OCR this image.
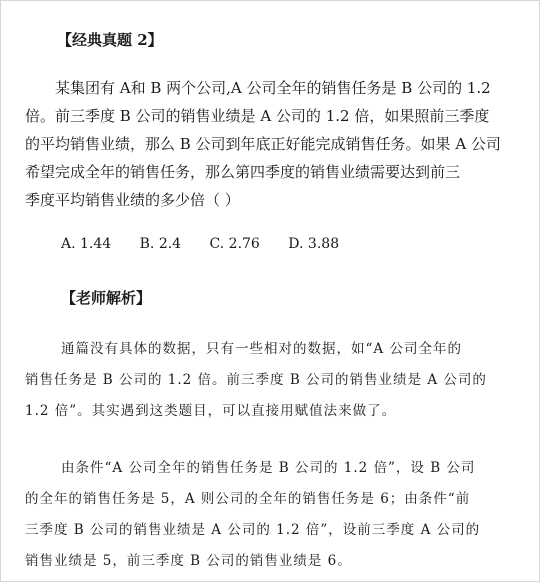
【经典真题 2】
某集团有 A和 B 两个公司,A 公司全年的销售任务是 B 公司的 1.2
倍。前三季度 B 公司的销售业绩是 A 公司的 1.2 倍，如果照前三季度
的平均销售业绩，那么 B 公司到年底正好能完成销售任务。如果 A 公司
希望完成全年的销售任务，那么第四季度的销售业绩需要达到前三
季度平均销售业绩的多少倍（ ）
A. 1.44 B. 2.4 C. 2.76 D. 3.88
【老师解析】
通篇没有具体的数据，只有一些相对的数据，如“A 公司全年的
销售任务是 B 公司的 1.2 倍。前三季度 B 公司的销售业绩是 A 公司的
1.2 倍”。其实遇到这类题目，可以直接用赋值法来做了。
由条件“A 公司全年的销售任务是 B 公司的 1.2 倍”，设 B 公司
的全年的销售任务是 5，A 则公司的全年的销售任务是 6；由条件“前
三季度 B 公司的销售业绩是 A 公司的 1.2 倍”，设前三季度 A 公司的
销售业绩是 5，前三季度 B 公司的销售业绩是 6。
